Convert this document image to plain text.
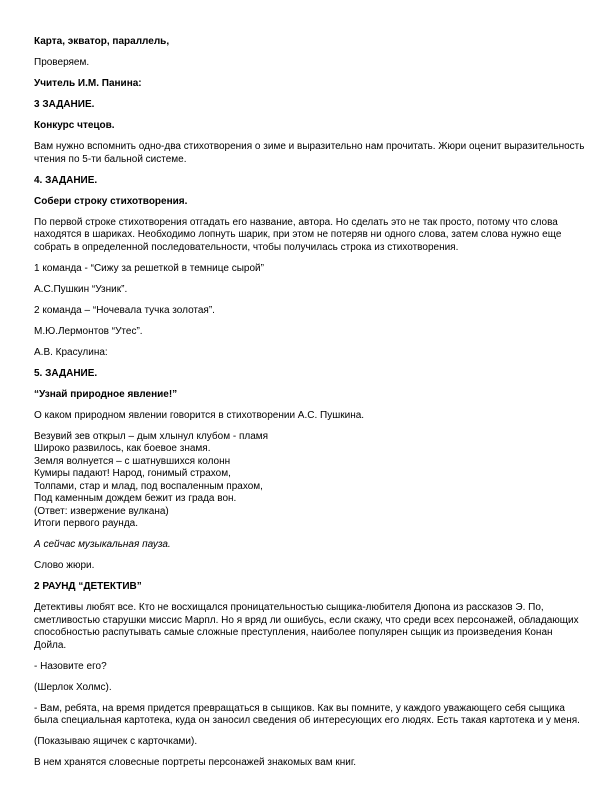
Карта, экватор, параллель,

Проверяем.

Учитель И.М. Панина:

3 ЗАДАНИЕ.

Конкурс чтецов.

Вам нужно вспомнить одно-два стихотворения о зиме и выразительно нам прочитать. Жюри оценит выразительность чтения по 5-ти бальной системе.

4. ЗАДАНИЕ.

Собери строку стихотворения.

По первой строке стихотворения отгадать его название, автора. Но сделать это не так просто, потому что слова находятся в шариках. Необходимо лопнуть шарик, при этом не потеряв ни одного слова, затем слова нужно еще собрать в определенной последовательности, чтобы получилась строка из стихотворения.

1 команда - “Сижу за решеткой в темнице сырой”

А.С.Пушкин “Узник”.

2 команда – “Ночевала тучка золотая”.

М.Ю.Лермонтов “Утес”.

А.В. Красулина:

5. ЗАДАНИЕ.

“Узнай природное явление!”

О каком природном явлении говорится в стихотворении А.С. Пушкина.

Везувий зев открыл – дым хлынул клубом - пламя
Широко развилось, как боевое знамя.
Земля волнуется – с шатнувшихся колонн
Кумиры падают! Народ, гонимый страхом,
Толпами, стар и млад, под воспаленным прахом,
Под каменным дождем бежит из града вон.
(Ответ: извержение вулкана)
Итоги первого раунда.

А сейчас музыкальная пауза.

Слово жюри.

2 РАУНД “ДЕТЕКТИВ”

Детективы любят все. Кто не восхищался проницательностью сыщика-любителя Дюпона из рассказов Э. По, сметливостью старушки миссис Марпл. Но я вряд ли ошибусь, если скажу, что среди всех персонажей, обладающих способностью распутывать самые сложные преступления, наиболее популярен сыщик из произведения Конан Дойла.

- Назовите его?

(Шерлок Холмс).

- Вам, ребята, на время придется превращаться в сыщиков. Как вы помните, у каждого уважающего себя сыщика была специальная картотека, куда он заносил сведения об интересующих его людях. Есть такая картотека и у меня.

(Показываю ящичек с карточками).

В нем хранятся словесные портреты персонажей знакомых вам книг.
